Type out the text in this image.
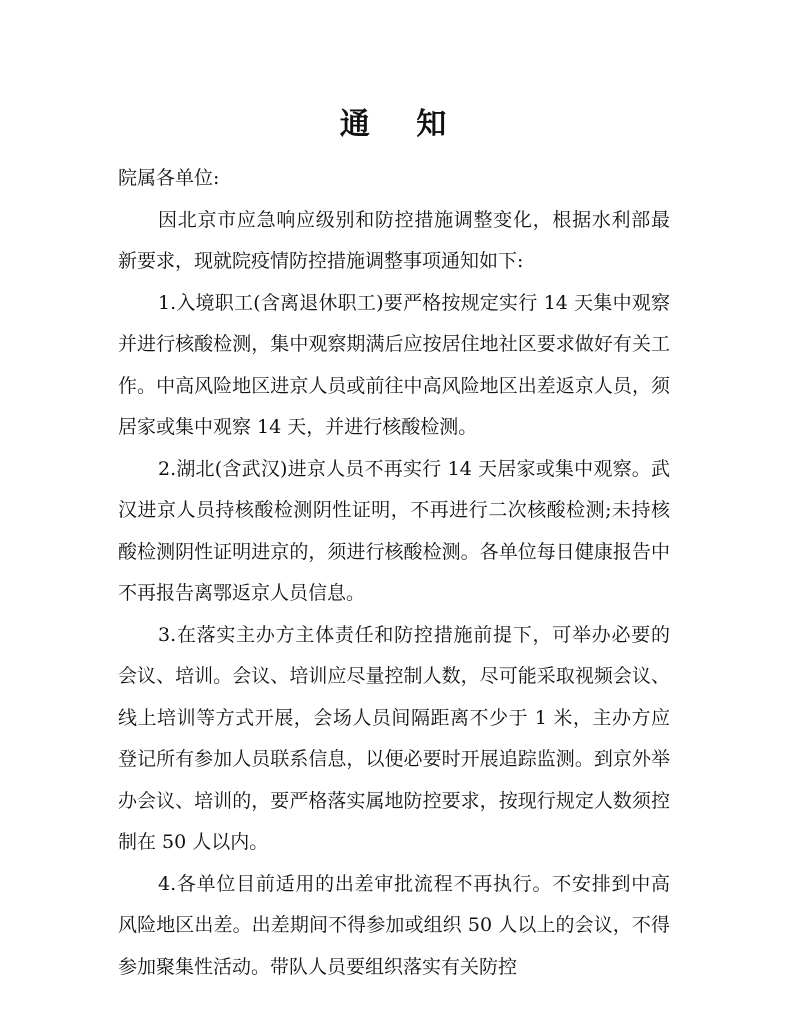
通 知

院属各单位:

因北京市应急响应级别和防控措施调整变化，根据水利部最新要求，现就院疫情防控措施调整事项通知如下:

1.入境职工(含离退休职工)要严格按规定实行 14 天集中观察并进行核酸检测，集中观察期满后应按居住地社区要求做好有关工作。中高风险地区进京人员或前往中高风险地区出差返京人员，须居家或集中观察 14 天，并进行核酸检测。

2.湖北(含武汉)进京人员不再实行 14 天居家或集中观察。武汉进京人员持核酸检测阴性证明，不再进行二次核酸检测;未持核酸检测阴性证明进京的，须进行核酸检测。各单位每日健康报告中不再报告离鄂返京人员信息。

3.在落实主办方主体责任和防控措施前提下，可举办必要的会议、培训。会议、培训应尽量控制人数，尽可能采取视频会议、线上培训等方式开展，会场人员间隔距离不少于 1 米，主办方应登记所有参加人员联系信息，以便必要时开展追踪监测。到京外举办会议、培训的，要严格落实属地防控要求，按现行规定人数须控制在 50 人以内。

4.各单位目前适用的出差审批流程不再执行。不安排到中高风险地区出差。出差期间不得参加或组织 50 人以上的会议，不得参加聚集性活动。带队人员要组织落实有关防控
